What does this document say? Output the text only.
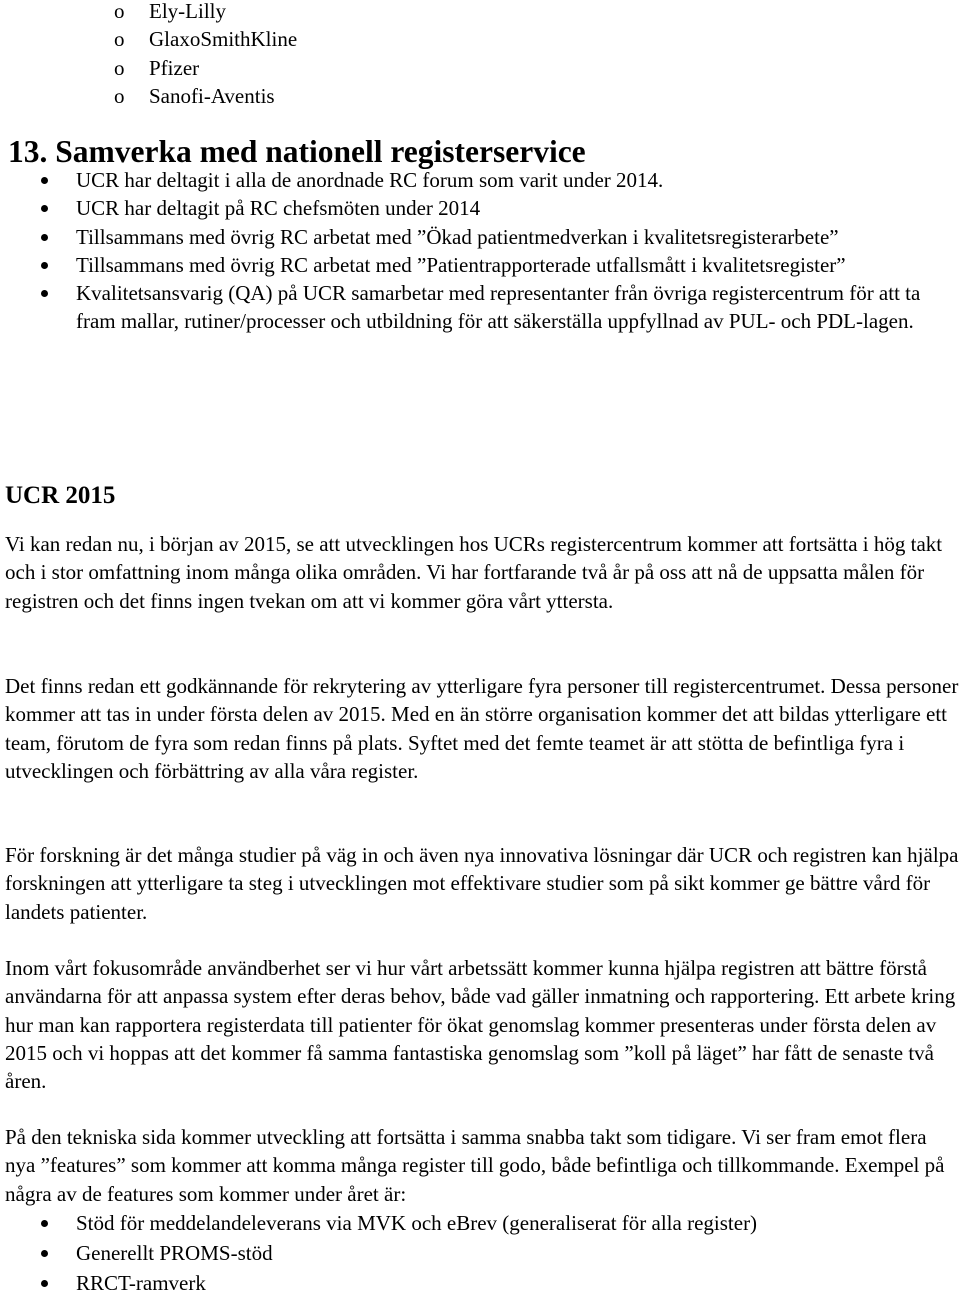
o Ely-Lilly
o GlaxoSmithKline
o Pfizer
o Sanofi-Aventis
13. Samverka med nationell registerservice
UCR har deltagit i alla de anordnade RC forum som varit under 2014.
UCR har deltagit på RC chefsmöten under 2014
Tillsammans med övrig RC arbetat med ”Ökad patientmedverkan i kvalitetsregisterarbete”
Tillsammans med övrig RC arbetat med ”Patientrapporterade utfallsmått i kvalitetsregister”
Kvalitetsansvarig (QA) på UCR samarbetar med representanter från övriga registercentrum för att ta fram mallar, rutiner/processer och utbildning för att säkerställa uppfyllnad av PUL- och PDL-lagen.
UCR 2015

Vi kan redan nu, i början av 2015, se att utvecklingen hos UCRs registercentrum kommer att fortsätta i hög takt och i stor omfattning inom många olika områden. Vi har fortfarande två år på oss att nå de uppsatta målen för registren och det finns ingen tvekan om att vi kommer göra vårt yttersta.

Det finns redan ett godkännande för rekrytering av ytterligare fyra personer till registercentrumet. Dessa personer kommer att tas in under första delen av 2015. Med en än större organisation kommer det att bildas ytterligare ett team, förutom de fyra som redan finns på plats. Syftet med det femte teamet är att stötta de befintliga fyra i utvecklingen och förbättring av alla våra register.

För forskning är det många studier på väg in och även nya innovativa lösningar där UCR och registren kan hjälpa forskningen att ytterligare ta steg i utvecklingen mot effektivare studier som på sikt kommer ge bättre vård för landets patienter.

Inom vårt fokusområde användberhet ser vi hur vårt arbetssätt kommer kunna hjälpa registren att bättre förstå användarna för att anpassa system efter deras behov, både vad gäller inmatning och rapportering. Ett arbete kring hur man kan rapportera registerdata till patienter för ökat genomslag kommer presenteras under första delen av 2015 och vi hoppas att det kommer få samma fantastiska genomslag som ”koll på läget” har fått de senaste två åren.

På den tekniska sida kommer utveckling att fortsätta i samma snabba takt som tidigare. Vi ser fram emot flera nya ”features” som kommer att komma många register till godo, både befintliga och tillkommande. Exempel på några av de features som kommer under året är:

Stöd för meddelandeleverans via MVK och eBrev (generaliserat för alla register)
Generellt PROMS-stöd
RRCT-ramverk
